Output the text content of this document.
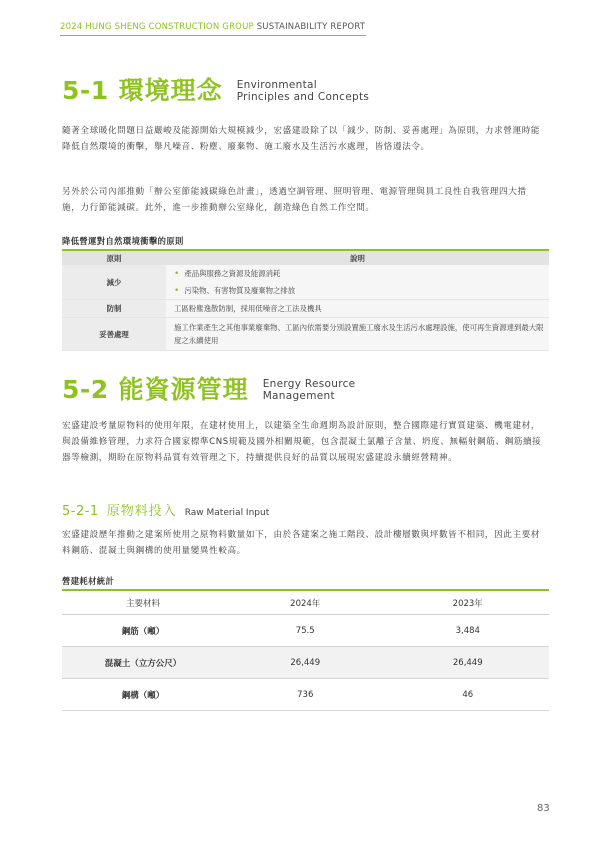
2024 HUNG SHENG CONSTRUCTION GROUP SUSTAINABILITY REPORT
5-1 環境理念 Environmental
Principles and Concepts
隨著全球暖化問題日益嚴峻及能源開始大規模減少，宏盛建設除了以「減少、防制、妥善處理」為原則，力求營運時能降低自然環境的衝擊，舉凡噪音、粉塵、廢棄物、施工廢水及生活污水處理，皆恪遵法令。
另外於公司內部推動「辦公室節能減碳綠色計畫」，透過空調管理、照明管理、電源管理與員工良性自我管理四大措施，力行節能減碳。此外，進一步推動辦公室綠化，創造綠色自然工作空間。
降低營運對自然環境衝擊的原則
原則	說明
減少	• 產品與服務之資源及能源消耗
• 污染物、有害物質及廢棄物之排放

防制	工區粉塵逸散防制，採用低噪音之工法及機具
妥善處理	施工作業產生之其他事業廢棄物、工區內依需要分別設置施工廢水及生活污水處理設施，使可再生資源達到最大限度之永續使用
5-2 能資源管理 Energy Resource
Management
宏盛建設考量原物料的使用年限，在建材使用上，以建築全生命週期為設計原則，整合國際建行實質建築、機電建材，與設備維修管理，力求符合國家標準CNS規範及國外相關規範，包含混凝土氯離子含量、坍度、無輻射鋼筋、鋼筋續接器等檢測，期盼在原物料品質有效管理之下，持續提供良好的品質以展現宏盛建設永續經營精神。
5-2-1 原物料投入 Raw Material Input
宏盛建設歷年推動之建案所使用之原物料數量如下，由於各建案之施工階段、設計樓層數與坪數皆不相同，因此主要材料鋼筋、混凝土與鋼構的使用量變異性較高。
營建耗材統計
主要材料	2024年	2023年
鋼筋（噸）	75.5	3,484
混凝土（立方公尺）	26,449	26,449
鋼構（噸）	736	46
83
